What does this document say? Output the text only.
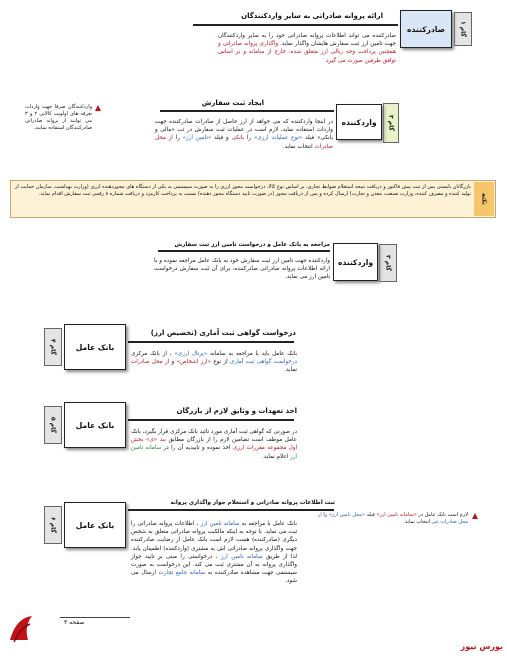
گام ۱
صادرکننده
ارائه پروانه صادراتی به سایر واردکنندگان
صادرکننده می تواند اطلاعات پروانه صادراتی خود را به سایر واردکنندگان جهت تامین ارز ثبت سفارش هایشان واگذار نماید. واگذاری پروانه صادراتی و همچنین پرداخت وجه ریالی ارز متعلق شده، خارج از سامانه و بر اساس توافق طرفین صورت می گیرد.
واردکنندگان صرفا جهت واردات تعرفه های اولویت کالایی ۲ و ۳ می توانند از پروانه صادراتی صادرکنندگان استفاده نمایند.
گام ۲
واردکننده
ایجاد ثبت سفارش
در اینجا واردکننده که می خواهد از ارز حاصل از صادرات صادرکننده جهت واردات استفاده نماید، لازم است در عملیات ثبت سفارش در تب «مالی و بانکی» فیلد «نوع عملیات ارزی» را بانکی و فیلد «تامین ارز» را از محل صادرات انتخاب نماید.
بازرگانان بایستی پس از ثبت پیش فاکتور و دریافت نتیجه استعلام ضوابط تجاری، بر اساس نوع کالا، درخواست مجوز ارزی را به صورت سیستمی به یکی از دستگاه های مجوزدهنده ارزی (وزارت بهداشت، سازمان حمایت از تولید کننده و مصرف کننده، وزارت صنعت، معدن و تجارت) ارسال کرده و پس از دریافت مجوز (در صورت تایید دستگاه مجوز دهنده) نسبت به پرداخت کارمزد و دریافت شماره ۸ رقمی ثبت سفارش اقدام نماید.	نکته
گام ۳
واردکننده
مراجعه به بانک عامل و درخواست تامین ارز ثبت سفارش
واردکننده جهت تامین ارز ثبت سفارش خود به بانک عامل مراجعه نموده و با ارائه اطلاعات پروانه صادراتی صادرکننده، برای آن ثبت سفارش درخواست تامین ارز می نماید.
گام ۴	بانک عامل
درخواست گواهی ثبت آماری (تخصیص ارز)
بانک عامل باید با مراجعه به سامانه «پرتال ارزی» ، از بانک مرکزی درخواست گواهی ثبت آماری از نوع «ارز اشخاص» و از محل صادرات نماید.
گام ۵	بانک عامل
اخذ تعهدات و وثایق لازم از بازرگان
در صورتی که گواهی ثبت آماری مورد تائید بانک مرکزی قرار بگیرد، بانک عامل موظف است تضامین لازم را از بازرگان مطابق بند «ی» بخش اول مجموعه مقررات ارزی اخذ نموده و تاییدیه آن را در سامانه تامین ارز اعلام نماید.
گام ۶	بانک عامل
ثبت اطلاعات پروانه صادراتی و استعلام جواز واگذاری پروانه
بانک عامل با مراجعه به سامانه تامین ارز ، اطلاعات پروانه صادراتی را ثبت می نماید. با توجه به اینکه مالکیت پروانه صادراتی متعلق به شخص دیگری (صادرکننده) هست لازم است بانک عامل از رضایت صادرکننده جهت واگذاری پروانه صادراتی اش به مشتری (واردکننده) اطمینان یابد. لذا از طریق سامانه تامین ارز ، درخواستی را مبنی بر تایید جواز واگذاری پروانه به آن مشتری ثبت می کند. این درخواست به صورت سیستمی جهت مشاهده صادرکننده به سامانه جامع تجارت ارسال می شود.
لازم است بانک عامل در «سامانه تامین ارز» فیلد «محل تامین ارز» را از محل صادرات غیر انتخاب نماید.
صفحه ۳
بورس نیوز
